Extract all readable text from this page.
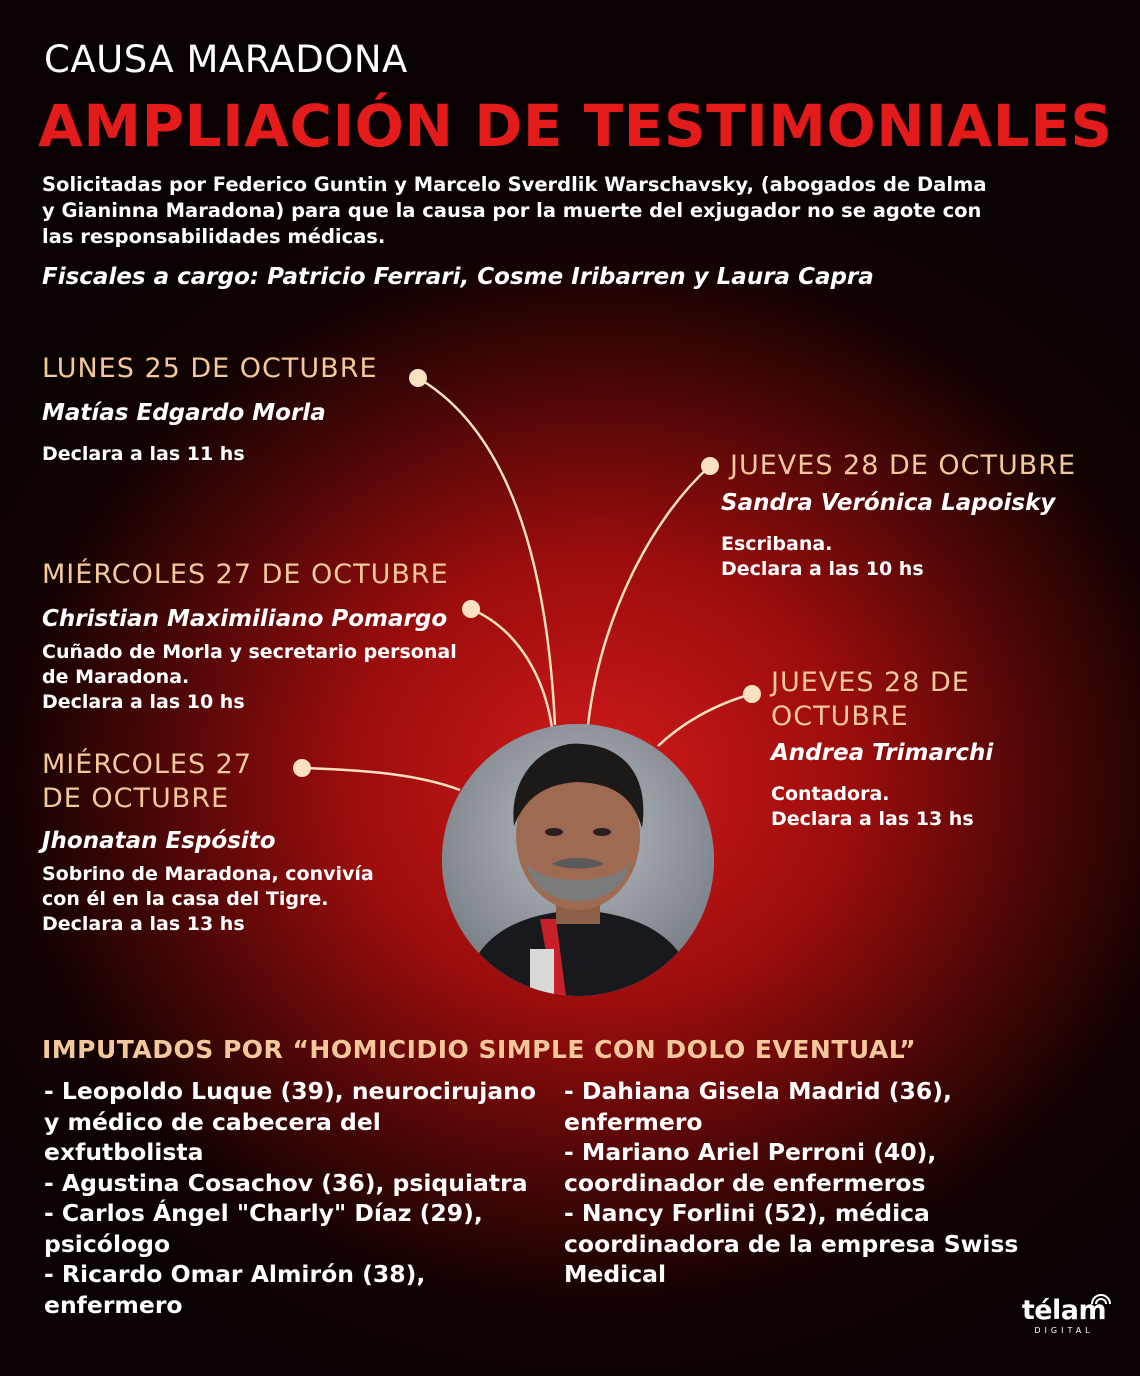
CAUSA MARADONA
AMPLIACIÓN DE TESTIMONIALES

Solicitadas por Federico Guntin y Marcelo Sverdlik Warschavsky, (abogados de Dalma y Gianinna Maradona) para que la causa por la muerte del exjugador no se agote con las responsabilidades médicas.

Fiscales a cargo: Patricio Ferrari, Cosme Iribarren y Laura Capra

LUNES 25 DE OCTUBRE
Matías Edgardo Morla
Declara a las 11 hs
MIÉRCOLES 27 DE OCTUBRE
Christian Maximiliano Pomargo
Cuñado de Morla y secretario personal
de Maradona.
Declara a las 10 hs
MIÉRCOLES 27
DE OCTUBRE
Jhonatan Espósito
Sobrino de Maradona, convivía
con él en la casa del Tigre.
Declara a las 13 hs
JUEVES 28 DE OCTUBRE
Sandra Verónica Lapoisky
Escribana.
Declara a las 10 hs
JUEVES 28 DE
OCTUBRE
Andrea Trimarchi
Contadora.
Declara a las 13 hs
IMPUTADOS POR “HOMICIDIO SIMPLE CON DOLO EVENTUAL”

- Leopoldo Luque (39), neurocirujano y médico de cabecera del exfutbolista

- Agustina Cosachov (36), psiquiatra

- Carlos Ángel "Charly" Díaz (29), psicólogo

- Ricardo Omar Almirón (38), enfermero

- Dahiana Gisela Madrid (36), enfermero

- Mariano Ariel Perroni (40), coordinador de enfermeros

- Nancy Forlini (52), médica coordinadora de la empresa Swiss Medical

télam
DIGITAL
